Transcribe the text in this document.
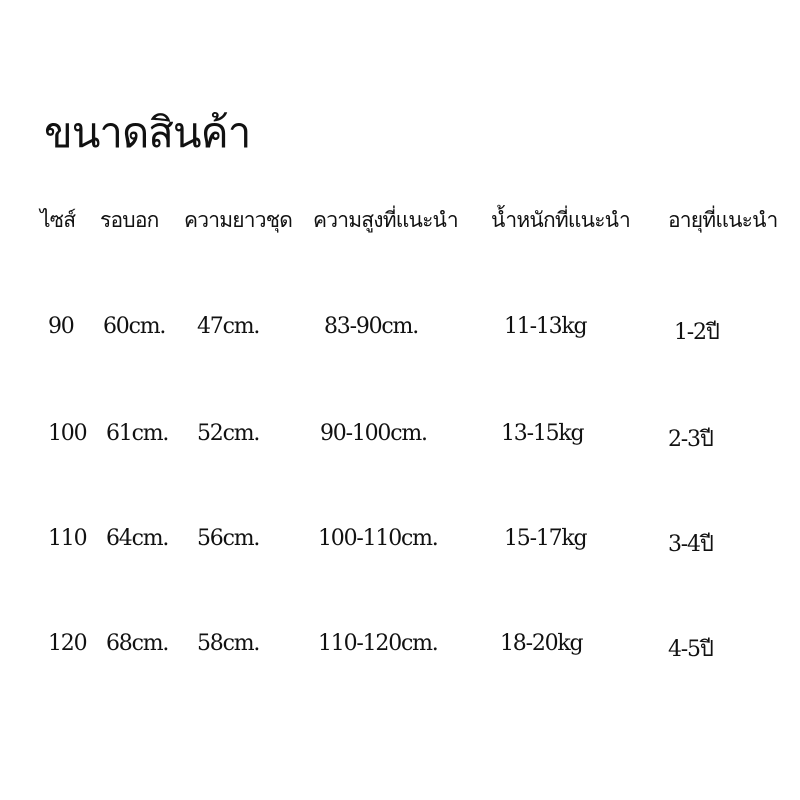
ขนาดสินค้า
ไซส์ รอบอก ความยาวชุด ความสูงที่แนะนำ น้ำหนักที่แนะนำ อายุที่แนะนำ
90 60cm. 47cm.	83-90cm.	11-13kg	1-2ปี
100 61cm. 52cm.	90-100cm.	13-15kg	2-3ปี
110 64cm. 56cm.	100-110cm.	15-17kg	3-4ปี
120 68cm. 58cm.	110-120cm.	18-20kg	4-5ปี
